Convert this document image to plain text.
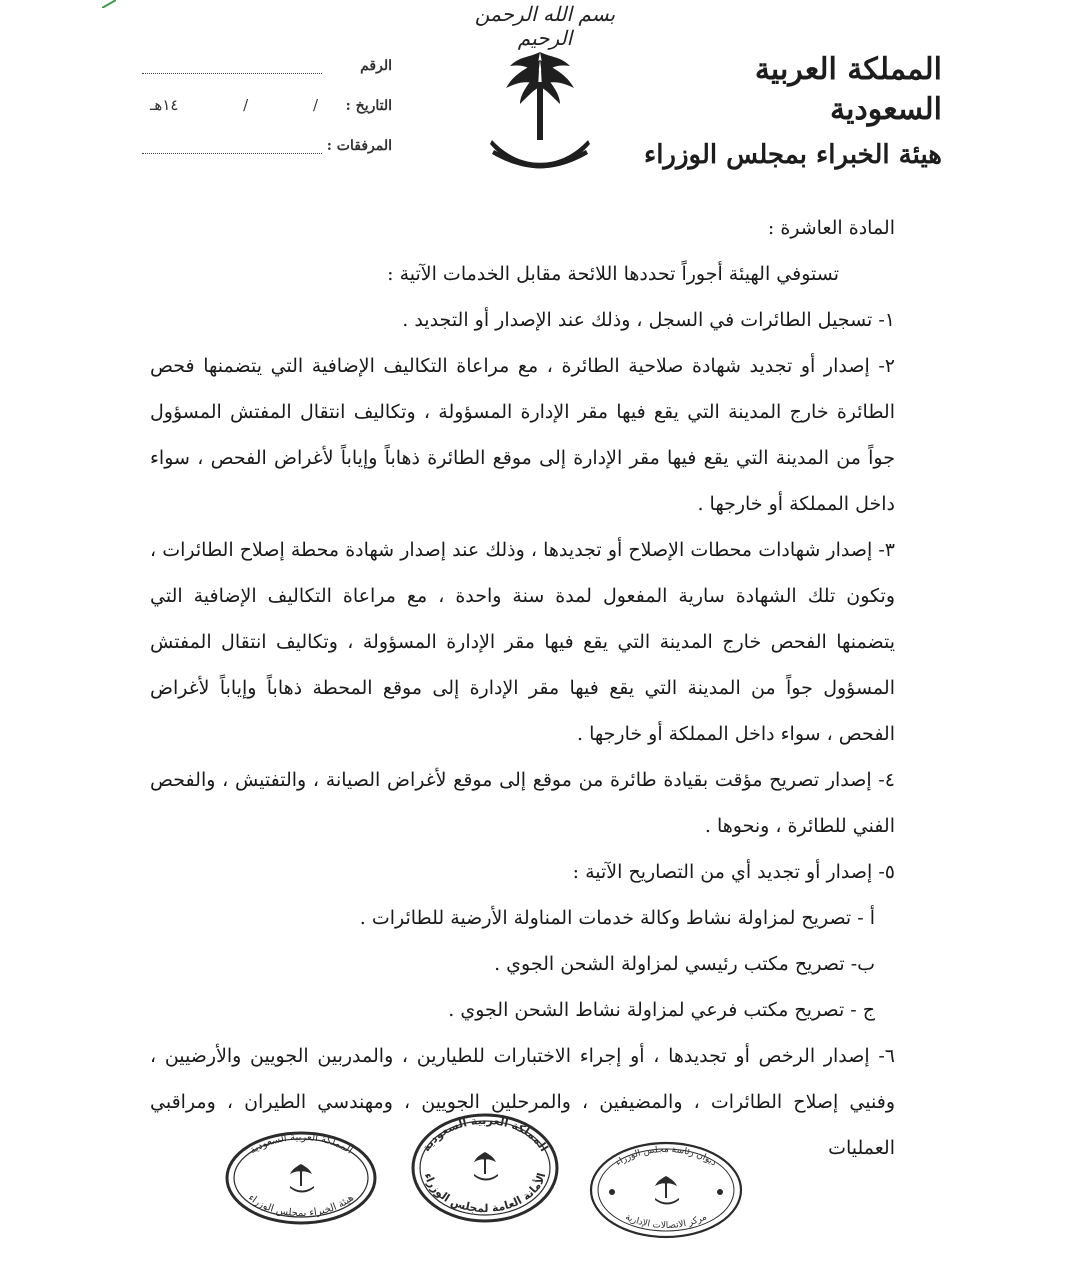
بسم الله الرحمن الرحيم
المملكة العربية السعودية
هيئة الخبراء بمجلس الوزراء
الرقم
التاريخ :
/
/
١٤هـ
المرفقات :

المادة العاشرة :

تستوفي الهيئة أجوراً تحددها اللائحة مقابل الخدمات الآتية :

١- تسجيل الطائرات في السجل ، وذلك عند الإصدار أو التجديد .

٢- إصدار أو تجديد شهادة صلاحية الطائرة ، مع مراعاة التكاليف الإضافية التي يتضمنها فحص الطائرة خارج المدينة التي يقع فيها مقر الإدارة المسؤولة ، وتكاليف انتقال المفتش المسؤول جواً من المدينة التي يقع فيها مقر الإدارة إلى موقع الطائرة ذهاباً وإياباً لأغراض الفحص ، سواء داخل المملكة أو خارجها .

٣- إصدار شهادات محطات الإصلاح أو تجديدها ، وذلك عند إصدار شهادة محطة إصلاح الطائرات ، وتكون تلك الشهادة سارية المفعول لمدة سنة واحدة ، مع مراعاة التكاليف الإضافية التي يتضمنها الفحص خارج المدينة التي يقع فيها مقر الإدارة المسؤولة ، وتكاليف انتقال المفتش المسؤول جواً من المدينة التي يقع فيها مقر الإدارة إلى موقع المحطة ذهاباً وإياباً لأغراض الفحص ، سواء داخل المملكة أو خارجها .

٤- إصدار تصريح مؤقت بقيادة طائرة من موقع إلى موقع لأغراض الصيانة ، والتفتيش ، والفحص الفني للطائرة ، ونحوها .

٥- إصدار أو تجديد أي من التصاريح الآتية :

أ - تصريح لمزاولة نشاط وكالة خدمات المناولة الأرضية للطائرات .

ب- تصريح مكتب رئيسي لمزاولة الشحن الجوي .

ج - تصريح مكتب فرعي لمزاولة نشاط الشحن الجوي .

٦- إصدار الرخص أو تجديدها ، أو إجراء الاختبارات للطيارين ، والمدربين الجويين والأرضيين ، وفنيي إصلاح الطائرات ، والمضيفين ، والمرحلين الجويين ، ومهندسي الطيران ، ومراقبي العمليات

المملكة العربية السعودية
هيئة الخبراء بمجلس الوزراء
المملكة العربية السعودية
الأمانة العامة لمجلس الوزراء
ديوان رئاسة مجلس الوزراء
مركز الاتصالات الإدارية
